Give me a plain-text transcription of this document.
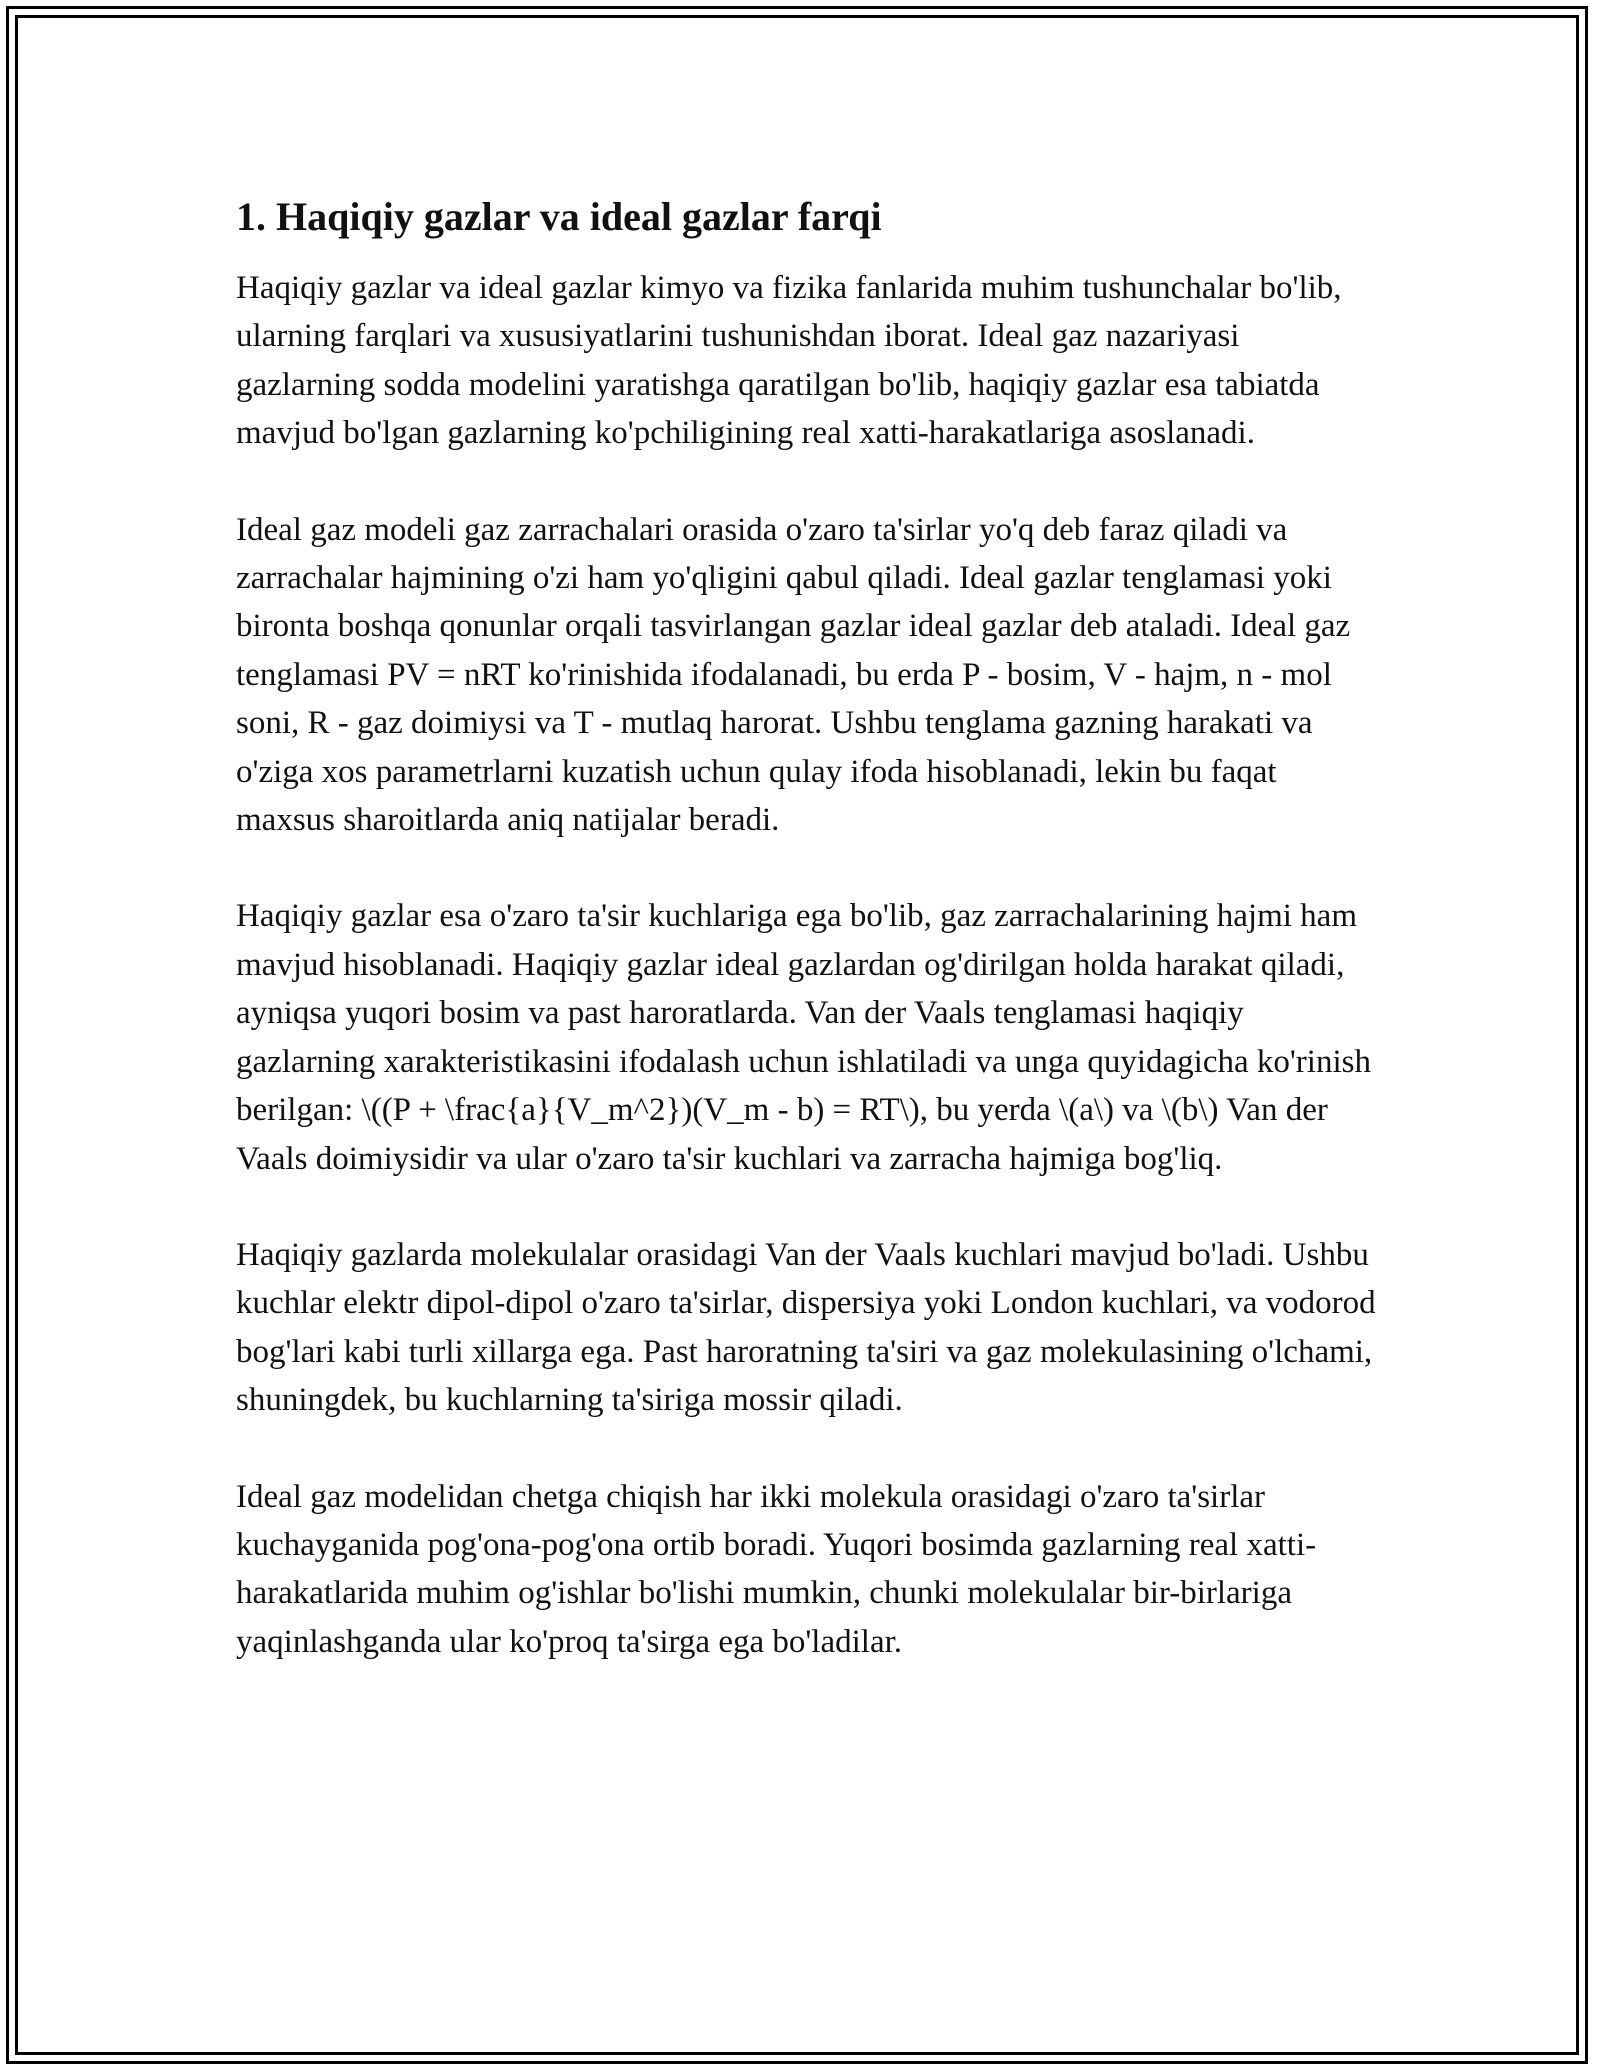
1. Haqiqiy gazlar va ideal gazlar farqi

Haqiqiy gazlar va ideal gazlar kimyo va fizika fanlarida muhim tushunchalar bo'lib, ularning farqlari va xususiyatlarini tushunishdan iborat. Ideal gaz nazariyasi gazlarning sodda modelini yaratishga qaratilgan bo'lib, haqiqiy gazlar esa tabiatda mavjud bo'lgan gazlarning ko'pchiligining real xatti-harakatlariga asoslanadi.

Ideal gaz modeli gaz zarrachalari orasida o'zaro ta'sirlar yo'q deb faraz qiladi va zarrachalar hajmining o'zi ham yo'qligini qabul qiladi. Ideal gazlar tenglamasi yoki bironta boshqa qonunlar orqali tasvirlangan gazlar ideal gazlar deb ataladi. Ideal gaz tenglamasi PV = nRT ko'rinishida ifodalanadi, bu erda P - bosim, V - hajm, n - mol soni, R - gaz doimiysi va T - mutlaq harorat. Ushbu tenglama gazning harakati va o'ziga xos parametrlarni kuzatish uchun qulay ifoda hisoblanadi, lekin bu faqat maxsus sharoitlarda aniq natijalar beradi.

Haqiqiy gazlar esa o'zaro ta'sir kuchlariga ega bo'lib, gaz zarrachalarining hajmi ham mavjud hisoblanadi. Haqiqiy gazlar ideal gazlardan og'dirilgan holda harakat qiladi, ayniqsa yuqori bosim va past haroratlarda. Van der Vaals tenglamasi haqiqiy gazlarning xarakteristikasini ifodalash uchun ishlatiladi va unga quyidagicha ko'rinish berilgan: \((P + \frac{a}{V_m^2})(V_m - b) = RT\), bu yerda \(a\) va \(b\) Van der Vaals doimiysidir va ular o'zaro ta'sir kuchlari va zarracha hajmiga bog'liq.

Haqiqiy gazlarda molekulalar orasidagi Van der Vaals kuchlari mavjud bo'ladi. Ushbu kuchlar elektr dipol-dipol o'zaro ta'sirlar, dispersiya yoki London kuchlari, va vodorod bog'lari kabi turli xillarga ega. Past haroratning ta'siri va gaz molekulasining o'lchami, shuningdek, bu kuchlarning ta'siriga mossir qiladi.

Ideal gaz modelidan chetga chiqish har ikki molekula orasidagi o'zaro ta'sirlar kuchayganida pog'ona-pog'ona ortib boradi. Yuqori bosimda gazlarning real xatti-harakatlarida muhim og'ishlar bo'lishi mumkin, chunki molekulalar bir-birlariga yaqinlashganda ular ko'proq ta'sirga ega bo'ladilar.
